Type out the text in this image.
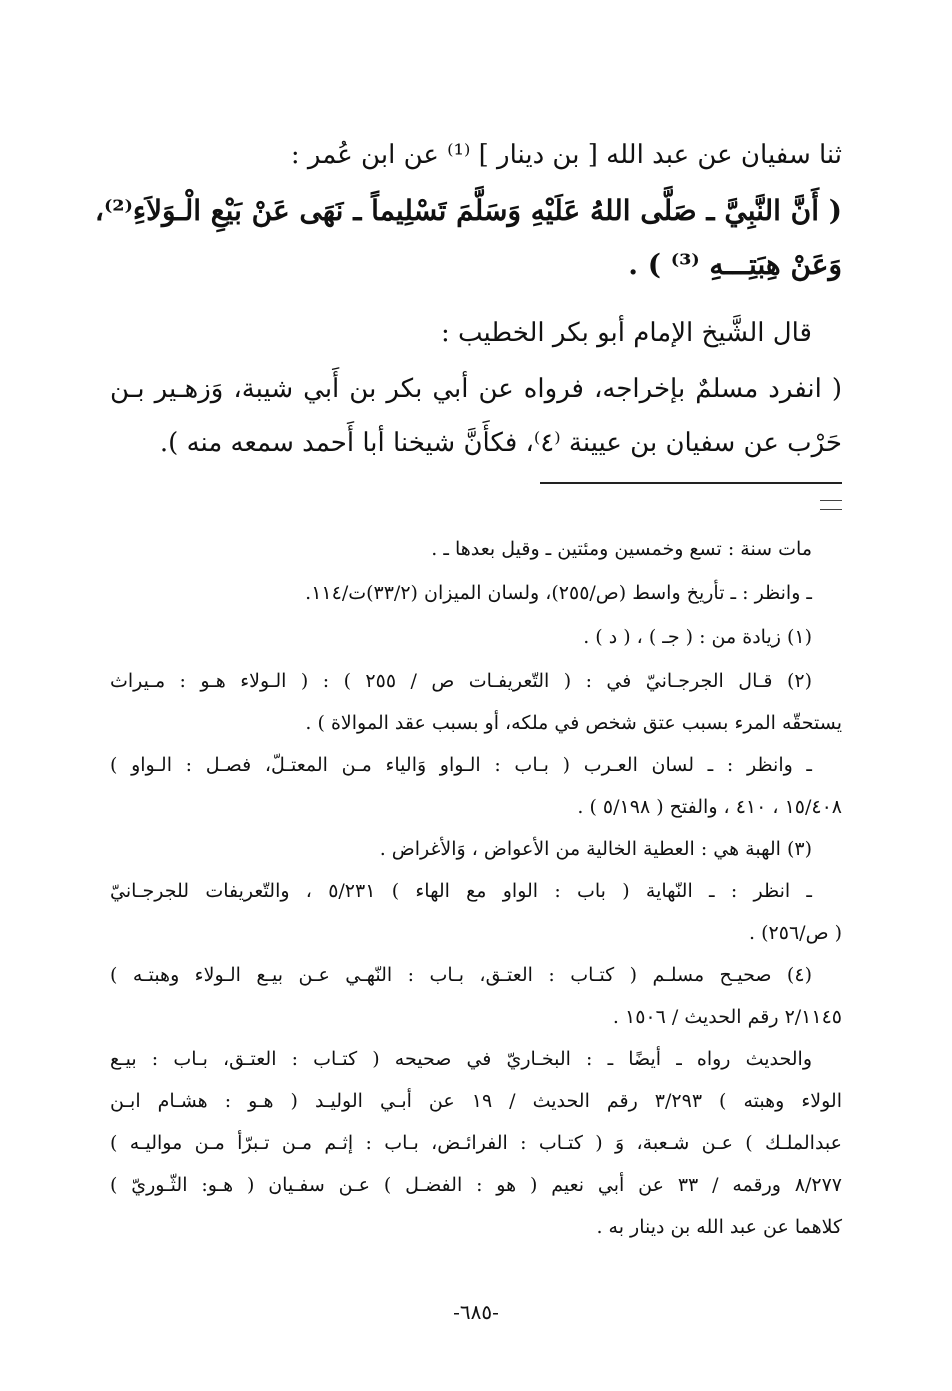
ثنا سفيان عن عبد الله [ بن دينار ] ⁽¹⁾ عن ابن عُمر :
( أَنَّ النَّبِيَّ ـ صَلَّى اللهُ عَلَيْهِ وَسَلَّمَ تَسْلِيماً ـ نَهَى عَنْ بَيْعِ الْـوَلاَءِ⁽²⁾،
وَعَنْ هِبَتِـــهِ ⁽³⁾ ) .
قال الشَّيخ الإمام أبو بكر الخطيب :
( انفرد مسلمٌ بإخراجه، فرواه عن أبي بكر بن أَبي شيبة، وَزهـير بـن
حَرْب عن سفيان بن عيينة ⁽٤⁾، فكأَنَّ شيخنا أبا أَحمد سمعه منه ).
مات سنة : تسع وخمسين ومئتين ـ وقيل بعدها ـ .
ـ وانظر : ـ تأريخ واسط (ص/٢٥٥)، ولسان الميزان (٣٣/٢)ت/١١٤.
(١) زيادة من : ( جـ ) ، ( د ) .
(٢) قـال الجرجـانيّ في : ( التّعريفـات ص / ٢٥٥ ) : ( الـولاء هـو : مـيراث
يستحقّه المرء بسبب عتق شخص في ملكه، أو بسبب عقد الموالاة ) .
ـ وانظر : ـ لسان العـرب ( بـاب : الـواو وَالياء مـن المعتـلّ، فصـل : الـواو )
١٥/٤٠٨ ، ٤١٠ ، والفتح ( ٥/١٩٨ ) .
(٣) الهبة هي : العطية الخالية من الأعواض ، وَالأغراض .
ـ انظر : ـ النّهاية ( باب : الواو مع الهاء ) ٥/٢٣١ ، والتّعريفات للجرجـانيّ
( ص/٢٥٦) .
(٤) صحيـح مسلـم ( كتـاب : العتـق، بـاب : النّهـي عـن بيـع الـولاء وهبتـه )
٢/١١٤٥ رقم الحديث / ١٥٠٦ .
والحديث رواه ـ أيضًا ـ : البخـاريّ في صحيحه ( كتـاب : العتـق، بـاب : بيـع
الولاء وهبته ) ٣/٢٩٣ رقم الحديث / ١٩ عن أبـي الوليـد ( هـو : هشـام ابـن
عبدالملـك ) عـن شـعبة، وَ ( كتـاب : الفرائـض، بـاب : إثـم مـن تـبرّأ مـن مواليـه )
٨/٢٧٧ ورقمه / ٣٣ عن أبي نعيم ( هو : الفضـل ) عـن سفـيان ( هـو: الثّـوريّ )
كلاهما عن عبد الله بن دينار به .
-٦٨٥-
